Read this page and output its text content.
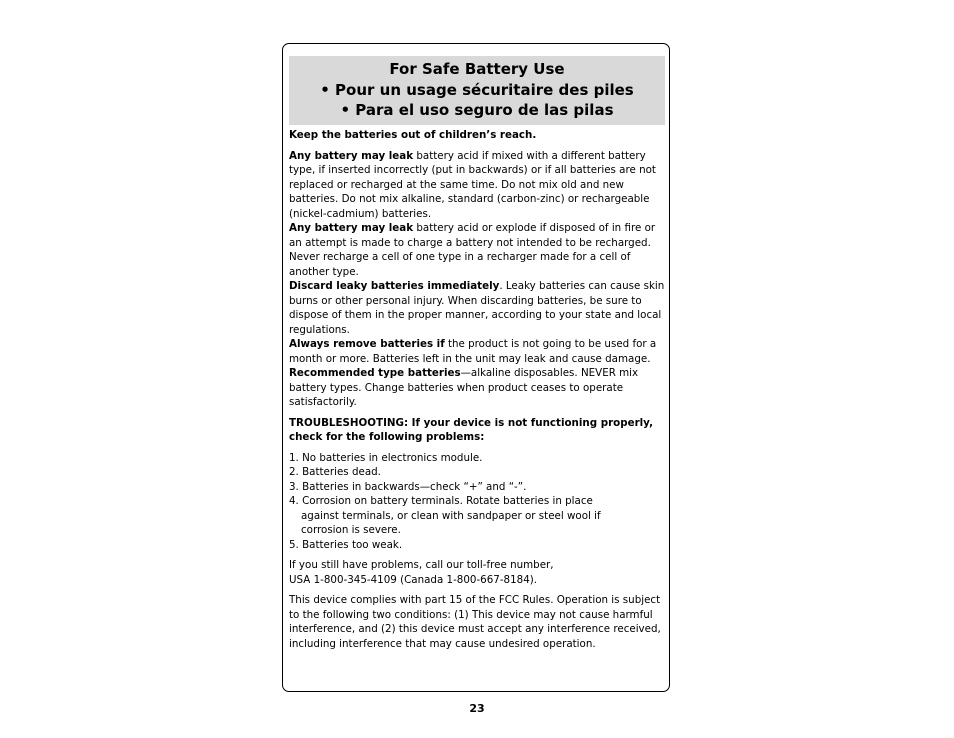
For Safe Battery Use
• Pour un usage sécuritaire des piles
• Para el uso seguro de las pilas

Keep the batteries out of children’s reach.

Any battery may leak battery acid if mixed with a different battery type, if inserted incorrectly (put in backwards) or if all batteries are not replaced or recharged at the same time. Do not mix old and new batteries. Do not mix alkaline, standard (carbon-zinc) or rechargeable (nickel-cadmium) batteries.

Any battery may leak battery acid or explode if disposed of in fire or an attempt is made to charge a battery not intended to be recharged. Never recharge a cell of one type in a recharger made for a cell of another type.

Discard leaky batteries immediately. Leaky batteries can cause skin burns or other personal injury. When discarding batteries, be sure to dispose of them in the proper manner, according to your state and local regulations.

Always remove batteries if the product is not going to be used for a month or more. Batteries left in the unit may leak and cause damage.

Recommended type batteries—alkaline disposables. NEVER mix battery types. Change batteries when product ceases to operate satisfactorily.

TROUBLESHOOTING: If your device is not functioning properly, check for the following problems:

1. No batteries in electronics module.

2. Batteries dead.

3. Batteries in backwards—check “+” and “-”.

4. Corrosion on battery terminals. Rotate batteries in place

against terminals, or clean with sandpaper or steel wool if

corrosion is severe.

5. Batteries too weak.

If you still have problems, call our toll-free number,

USA 1-800-345-4109 (Canada 1-800-667-8184).

This device complies with part 15 of the FCC Rules. Operation is subject to the following two conditions: (1) This device may not cause harmful interference, and (2) this device must accept any interference received, including interference that may cause undesired operation.

23
